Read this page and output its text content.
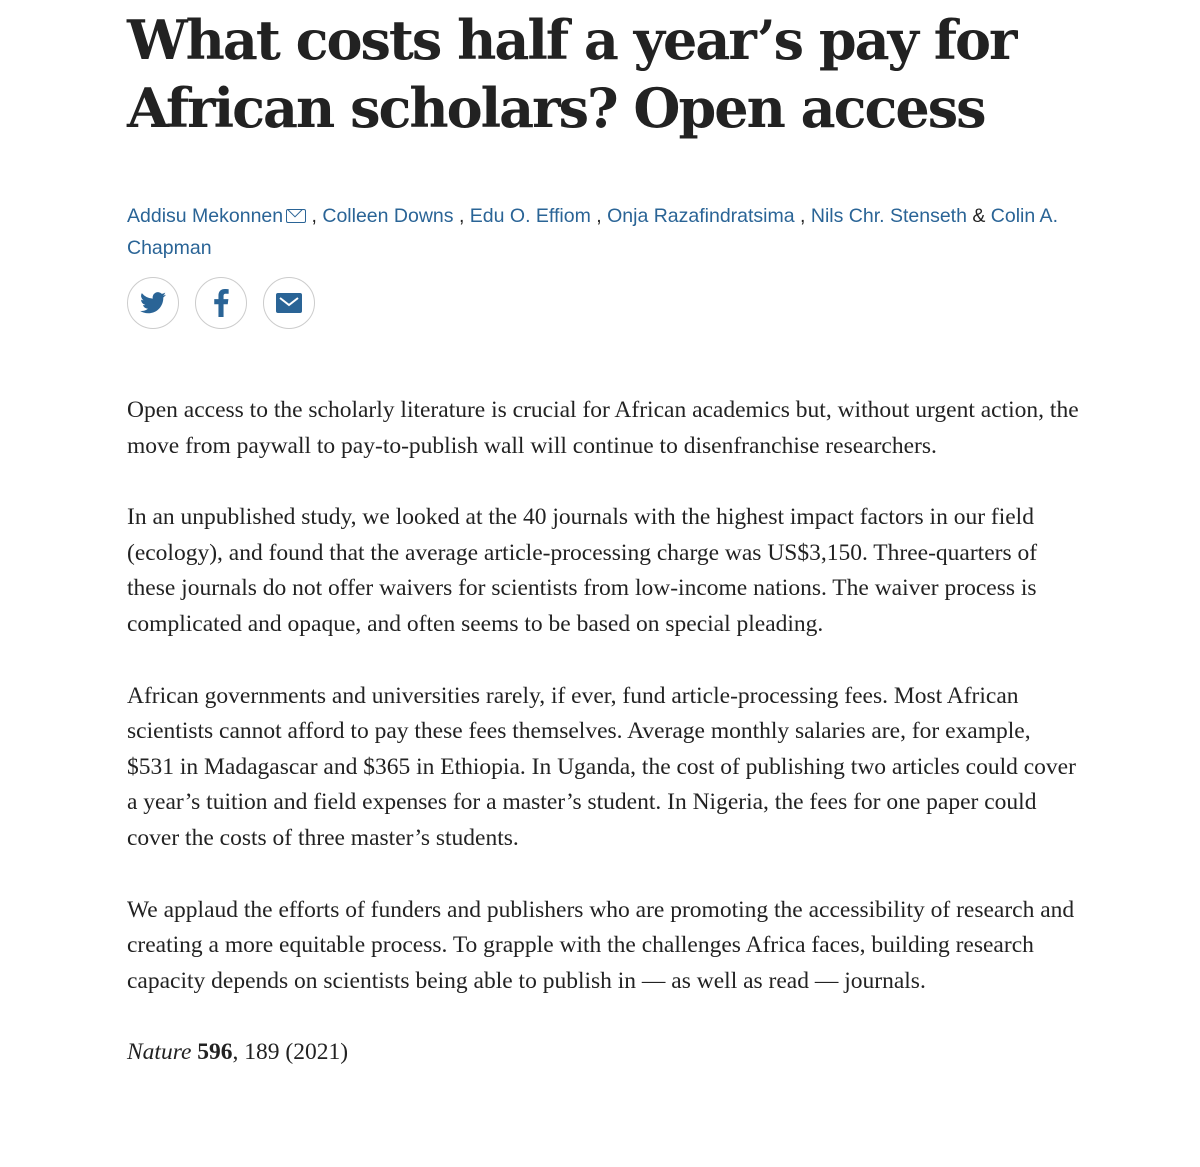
What costs half a year’s pay for African scholars? Open access
Addisu Mekonnen , Colleen Downs , Edu O. Effiom , Onja Razafindratsima , Nils Chr. Stenseth & Colin A. Chapman

Open access to the scholarly literature is crucial for African academics but, without urgent action, the move from paywall to pay-to-publish wall will continue to disenfranchise researchers.

In an unpublished study, we looked at the 40 journals with the highest impact factors in our field (ecology), and found that the average article-processing charge was US$3,150. Three-quarters of these journals do not offer waivers for scientists from low-income nations. The waiver process is complicated and opaque, and often seems to be based on special pleading.

African governments and universities rarely, if ever, fund article-processing fees. Most African scientists cannot afford to pay these fees themselves. Average monthly salaries are, for example, $531 in Madagascar and $365 in Ethiopia. In Uganda, the cost of publishing two articles could cover a year’s tuition and field expenses for a master’s student. In Nigeria, the fees for one paper could cover the costs of three master’s students.

We applaud the efforts of funders and publishers who are promoting the accessibility of research and creating a more equitable process. To grapple with the challenges Africa faces, building research capacity depends on scientists being able to publish in — as well as read — journals.

Nature 596, 189 (2021)
